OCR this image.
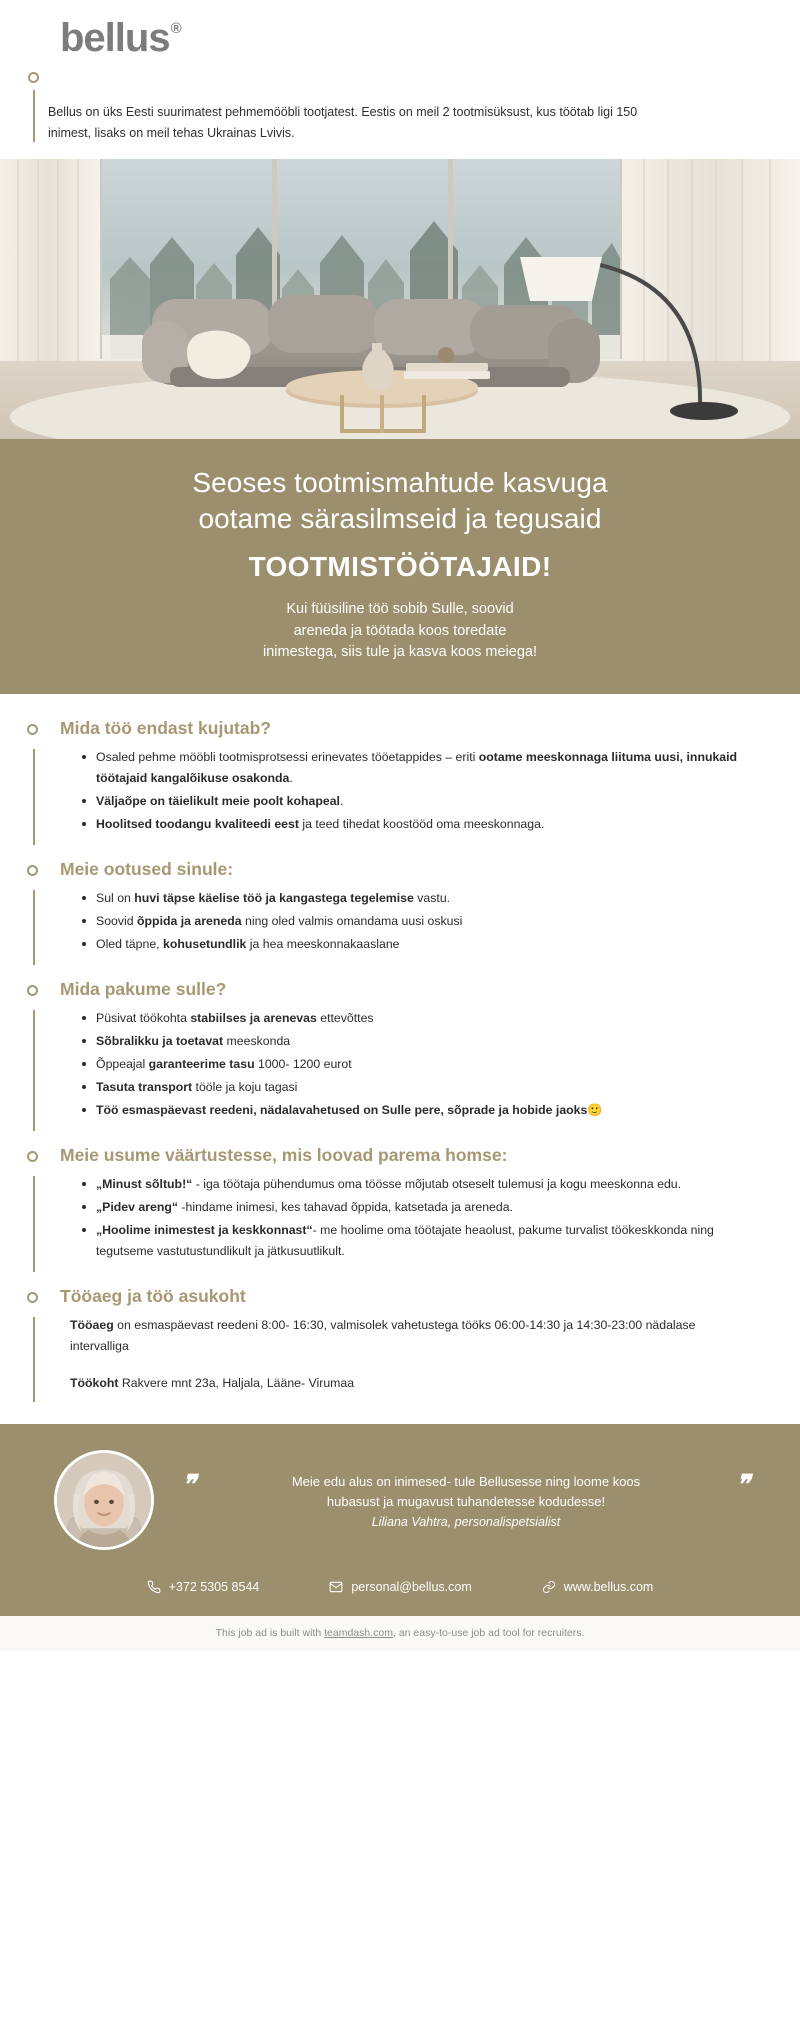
bellus®

Bellus on üks Eesti suurimatest pehmemööbli tootjatest. Eestis on meil 2 tootmisüksust, kus töötab ligi 150 inimest, lisaks on meil tehas Ukrainas Lvivis.

Seoses tootmismahtude kasvuga
ootame särasilmseid ja tegusaid
TOOTMISTÖÖTAJAID!

Kui füüsiline töö sobib Sulle, soovid
areneda ja töötada koos toredate
inimestega, siis tule ja kasva koos meiega!

Mida töö endast kujutab?
Osaled pehme mööbli tootmisprotsessi erinevates tööetappides – eriti ootame meeskonnaga liituma uusi, innukaid töötajaid kangalõikuse osakonda.
Väljaõpe on täielikult meie poolt kohapeal.
Hoolitsed toodangu kvaliteedi eest ja teed tihedat koostööd oma meeskonnaga.
Meie ootused sinule:
Sul on huvi täpse käelise töö ja kangastega tegelemise vastu.
Soovid õppida ja areneda ning oled valmis omandama uusi oskusi
Oled täpne, kohusetundlik ja hea meeskonnakaaslane
Mida pakume sulle?
Püsivat töökohta stabiilses ja arenevas ettevõttes
Sõbralikku ja toetavat meeskonda
Õppeajal garanteerime tasu 1000- 1200 eurot
Tasuta transport tööle ja koju tagasi
Töö esmaspäevast reedeni, nädalavahetused on Sulle pere, sõprade ja hobide jaoks🙂
Meie usume väärtustesse, mis loovad parema homse:
„Minust sõltub!“ - iga töötaja pühendumus oma töösse mõjutab otseselt tulemusi ja kogu meeskonna edu.
„Pidev areng“ -hindame inimesi, kes tahavad õppida, katsetada ja areneda.
„Hoolime inimestest ja keskkonnast“- me hoolime oma töötajate heaolust, pakume turvalist töökeskkonda ning tegutseme vastutustundlikult ja jätkusuutlikult.
Tööaeg ja töö asukoht

Tööaeg on esmaspäevast reedeni 8:00- 16:30, valmisolek vahetustega tööks 06:00-14:30 ja 14:30-23:00 nädalase intervalliga

Töökoht Rakvere mnt 23a, Haljala, Lääne- Virumaa

❞	❞

Meie edu alus on inimesed- tule Bellusesse ning loome koos
hubasust ja mugavust tuhandetesse kodudesse!

Liliana Vahtra, personalispetsialist

+372 5305 8544	personal@bellus.com	www.bellus.com
This job ad is built with teamdash.com, an easy-to-use job ad tool for recruiters.
